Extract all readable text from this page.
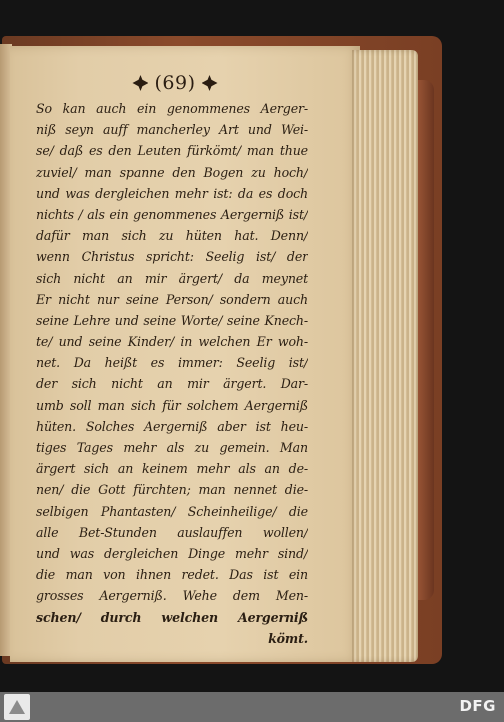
(69)
So kan auch ein genommenes Aerger-
niß seyn auff mancherley Art und Wei-
se/ daß es den Leuten fürkömt/ man thue
zuviel/ man spanne den Bogen zu hoch/
und was dergleichen mehr ist: da es doch
nichts / als ein genommenes Aergerniß ist/
dafür man sich zu hüten hat. Denn/
wenn Christus spricht: Seelig ist/ der
sich nicht an mir ärgert/ da meynet
Er nicht nur seine Person/ sondern auch
seine Lehre und seine Worte/ seine Knech-
te/ und seine Kinder/ in welchen Er woh-
net. Da heißt es immer: Seelig ist/
der sich nicht an mir ärgert. Dar-
umb soll man sich für solchem Aergerniß
hüten. Solches Aergerniß aber ist heu-
tiges Tages mehr als zu gemein. Man
ärgert sich an keinem mehr als an de-
nen/ die Gott fürchten; man nennet die-
selbigen Phantasten/ Scheinheilige/ die
alle Bet-Stunden auslauffen wollen/
und was dergleichen Dinge mehr sind/
die man von ihnen redet. Das ist ein
grosses Aergerniß. Wehe dem Men-
schen/ durch welchen Aergerniß
kömt.
DFG
